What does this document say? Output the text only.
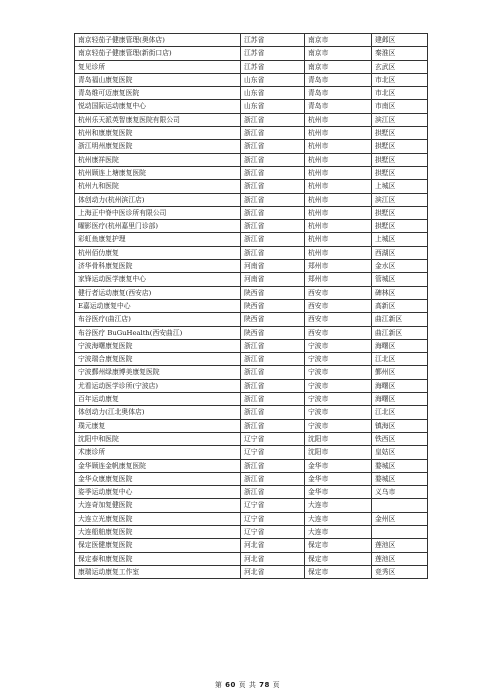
南京轻茄子健康管理(奥体店)	江苏省	南京市	建邺区
南京轻茄子健康管理(新街口店)	江苏省	南京市	秦淮区
复见诊所	江苏省	南京市	玄武区
青岛福山康复医院	山东省	青岛市	市北区
青岛维可迈康复医院	山东省	青岛市	市北区
悦动国际运动康复中心	山东省	青岛市	市南区
杭州乐天派英智康复医院有限公司	浙江省	杭州市	滨江区
杭州和康康复医院	浙江省	杭州市	拱墅区
浙江明州康复医院	浙江省	杭州市	拱墅区
杭州康祥医院	浙江省	杭州市	拱墅区
杭州顾连上塘康复医院	浙江省	杭州市	拱墅区
杭州九和医院	浙江省	杭州市	上城区
体创动力(杭州滨江店)	浙江省	杭州市	滨江区
上海正中脊中医诊所有限公司	浙江省	杭州市	拱墅区
曜影医疗(杭州嘉里门诊部)	浙江省	杭州市	拱墅区
彩虹鱼康复护理	浙江省	杭州市	上城区
杭州佰仂康复	浙江省	杭州市	西湖区
济华骨科康复医院	河南省	郑州市	金水区
家锋运动医学康复中心	河南省	郑州市	管城区
健行者运动康复(西安店)	陕西省	西安市	碑林区
E嘉运动康复中心	陕西省	西安市	高新区
布谷医疗(曲江店)	陕西省	西安市	曲江新区
布谷医疗 BuGuHealth(西安曲江)	陕西省	西安市	曲江新区
宁波海曙康复医院	浙江省	宁波市	海曙区
宁波瑞合康复医院	浙江省	宁波市	江北区
宁波鄞州绿康博美康复医院	浙江省	宁波市	鄞州区
尤看运动医学诊所(宁波店)	浙江省	宁波市	海曙区
百年运动康复	浙江省	宁波市	海曙区
体创动力(江北奥体店)	浙江省	宁波市	江北区
璞元康复	浙江省	宁波市	镇海区
沈阳中和医院	辽宁省	沈阳市	铁西区
术康诊所	辽宁省	沈阳市	皇姑区
金华顾连金帆康复医院	浙江省	金华市	婺城区
金华众康康复医院	浙江省	金华市	婺城区
姿季运动康复中心	浙江省	金华市	义乌市
大连奇加复健医院	辽宁省	大连市	
大连立光康复医院	辽宁省	大连市	金州区
大连船舶康复医院	辽宁省	大连市	
保定医健康复医院	河北省	保定市	莲池区
保定泰和康复医院	河北省	保定市	莲池区
康瑞运动康复工作室	河北省	保定市	竞秀区
第 60 页 共 78 页
